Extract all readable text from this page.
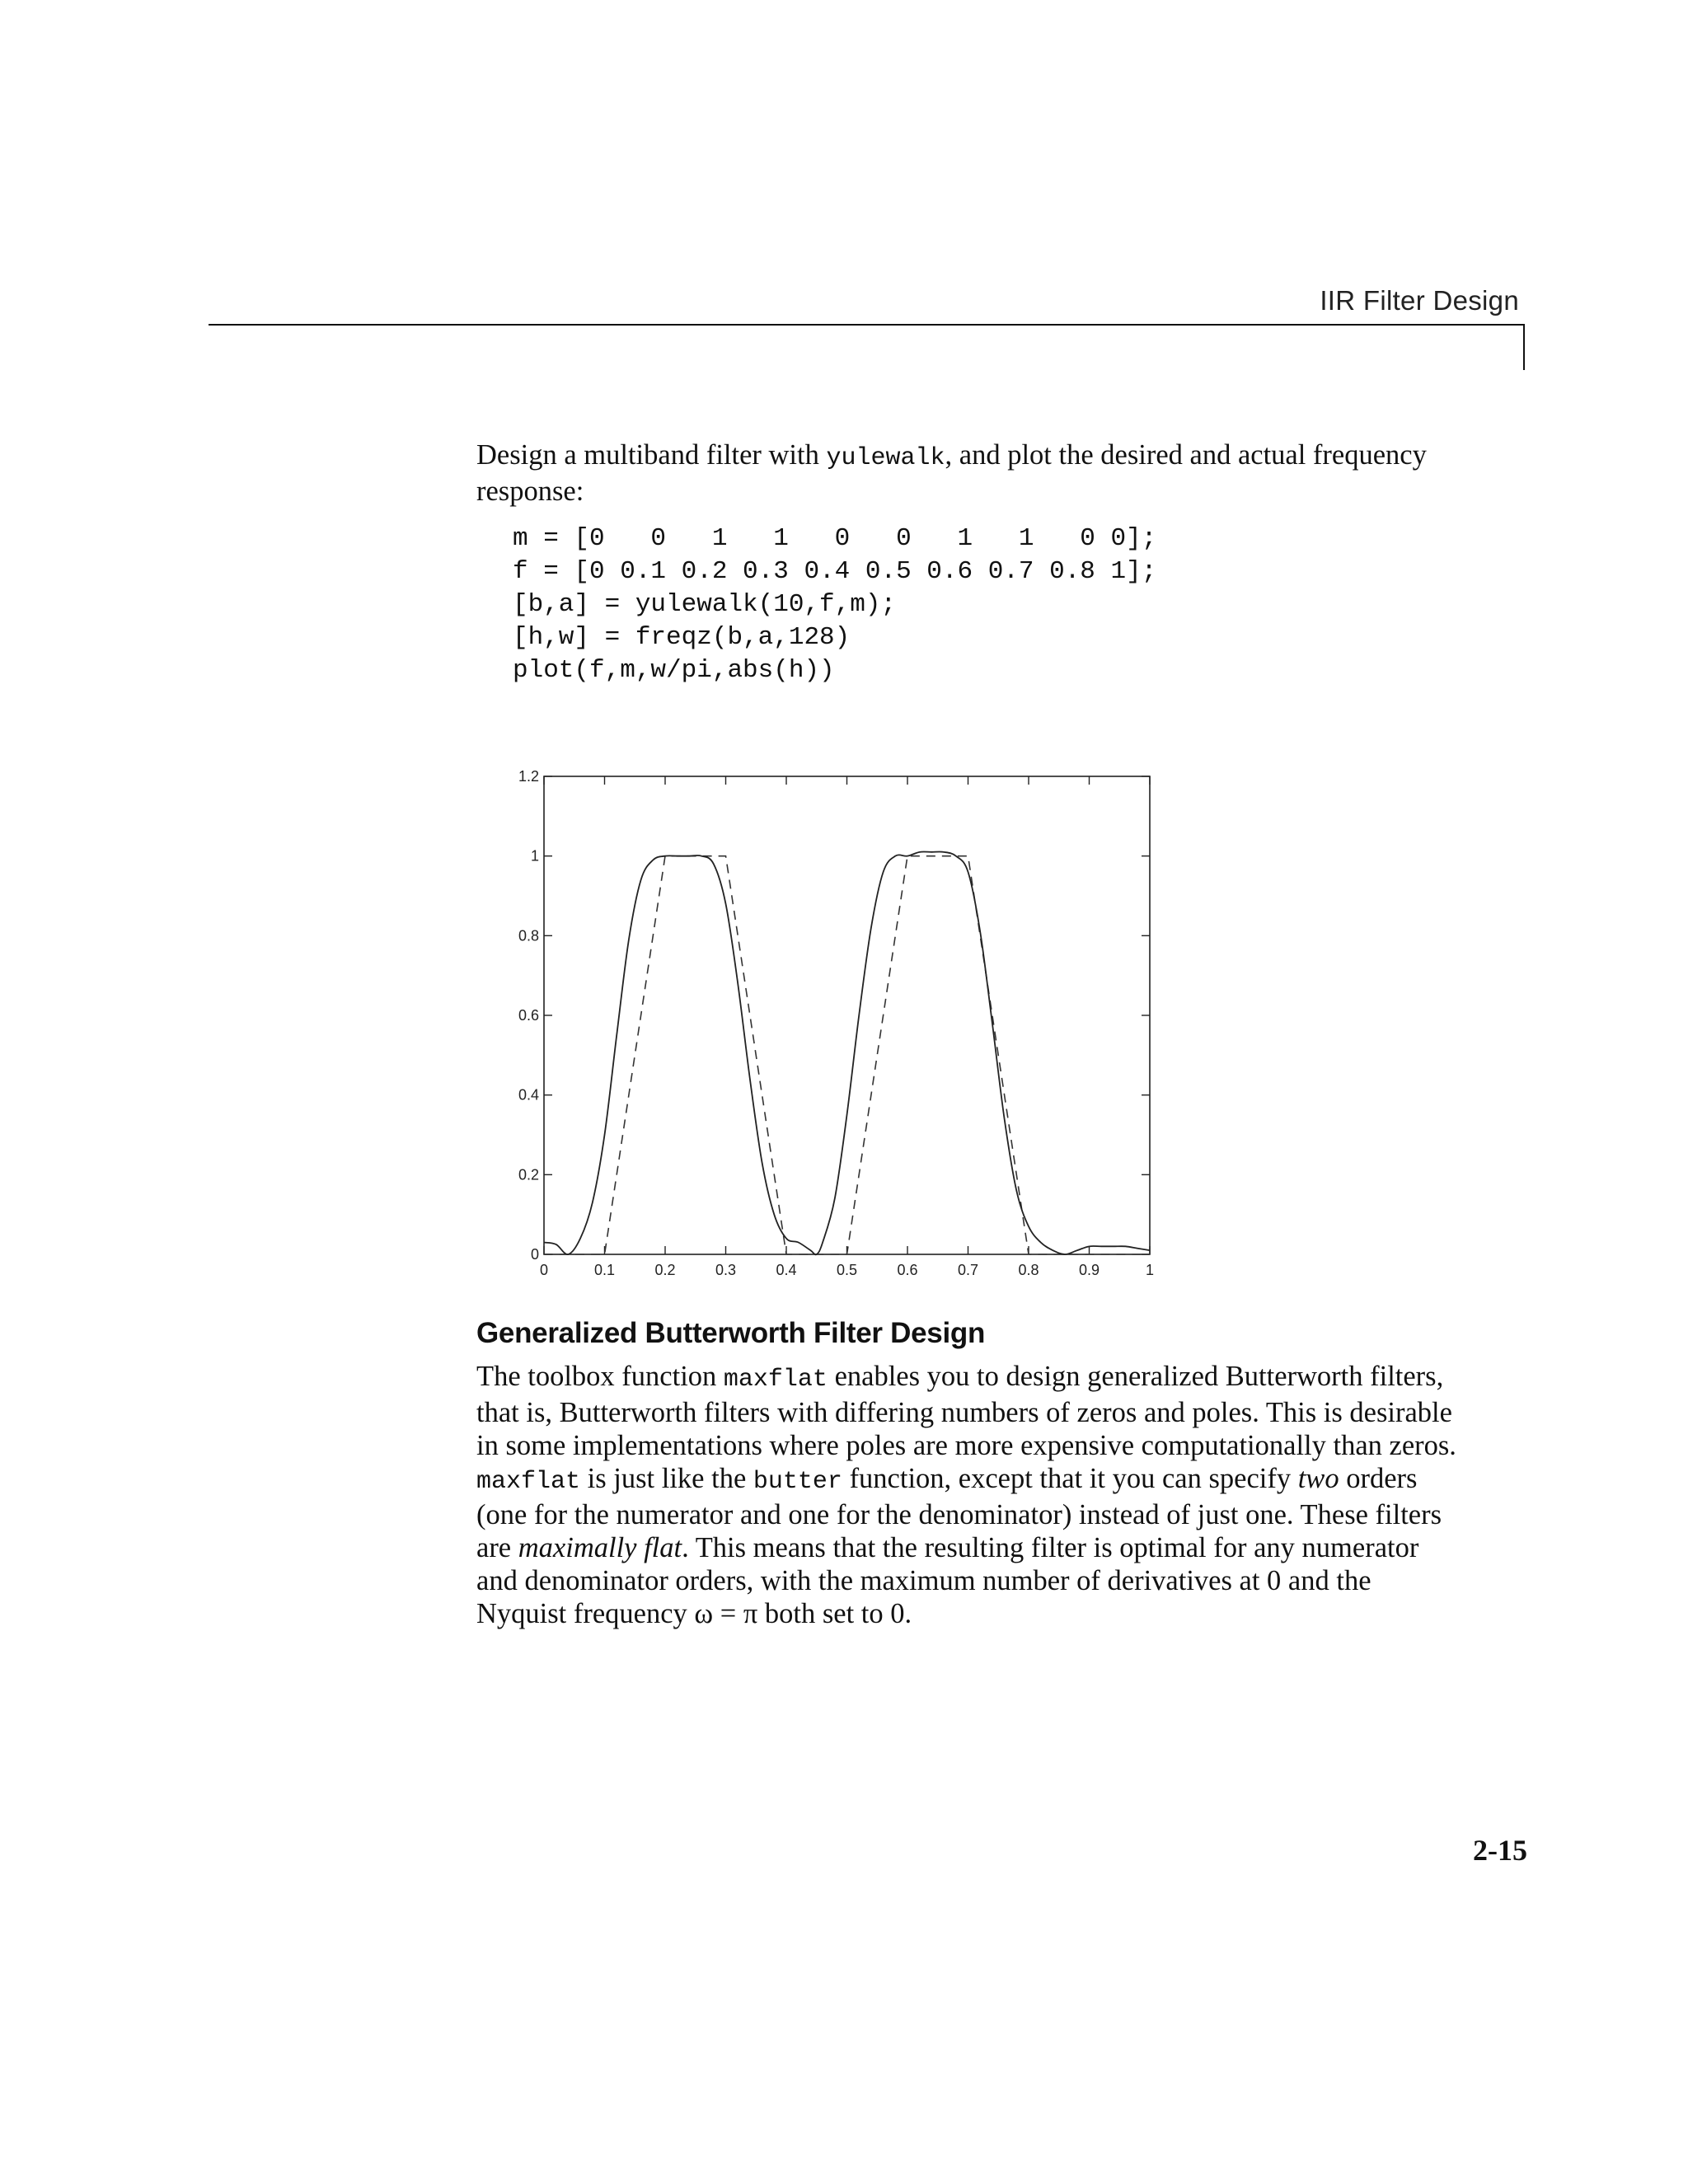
IIR Filter Design
Design a multiband filter with yulewalk, and plot the desired and actual frequency response:
m = [0   0   1   1   0   0   1   1   0 0];
f = [0 0.1 0.2 0.3 0.4 0.5 0.6 0.7 0.8 1];
[b,a] = yulewalk(10,f,m);
[h,w] = freqz(b,a,128)
plot(f,m,w/pi,abs(h))
0	0.1	0.2	0.3	0.4	0.5	0.6	0.7	0.8	0.9	1
0
0.2
0.4
0.6
0.8
1
1.2
Generalized Butterworth Filter Design
The toolbox function maxflat enables you to design generalized Butterworth filters, that is, Butterworth filters with differing numbers of zeros and poles. This is desirable in some implementations where poles are more expensive computationally than zeros. maxflat is just like the butter function, except that it you can specify two orders (one for the numerator and one for the denominator) instead of just one. These filters are maximally flat. This means that the resulting filter is optimal for any numerator and denominator orders, with the maximum number of derivatives at 0 and the Nyquist frequency ω = π both set to 0.
2-15
